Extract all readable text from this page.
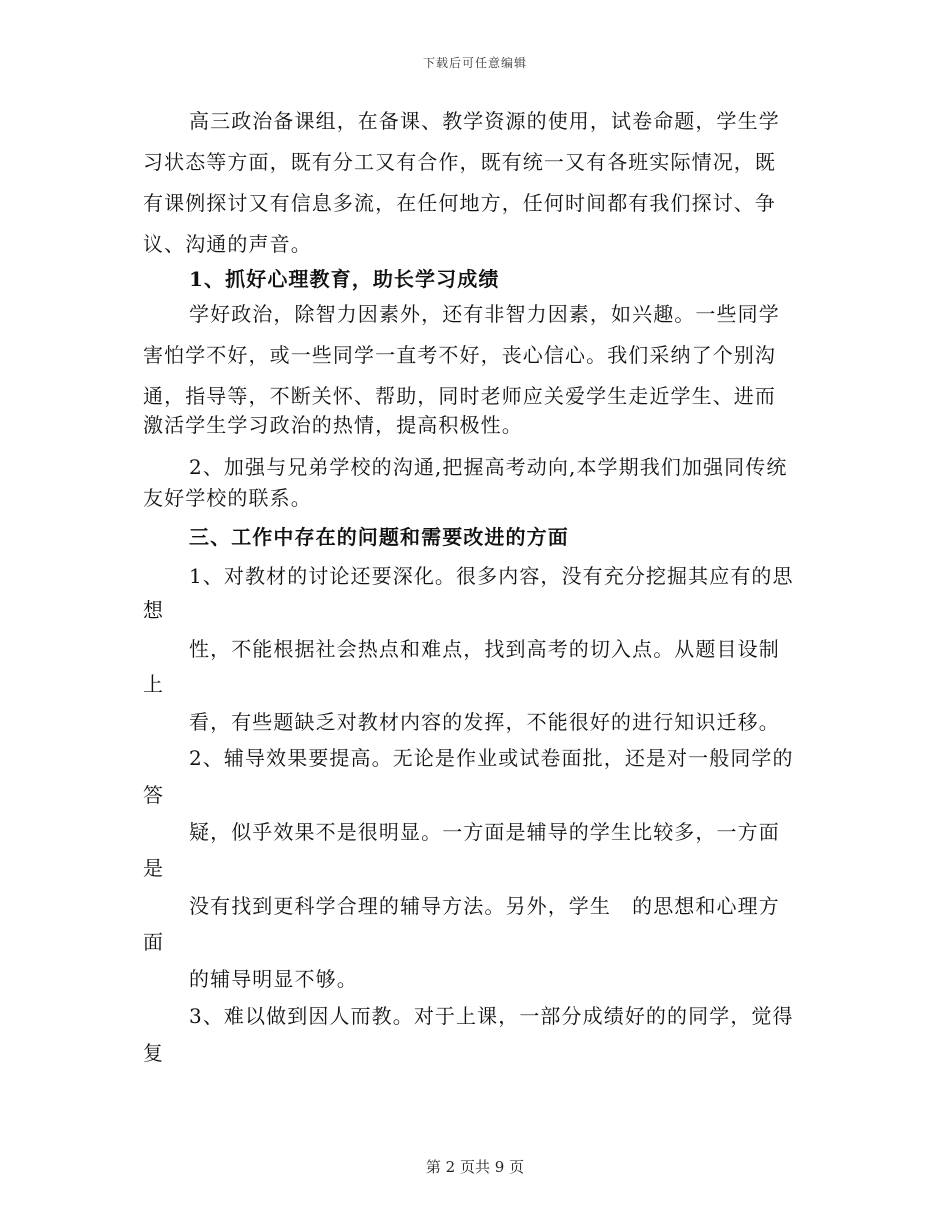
下载后可任意编辑
高三政治备课组，在备课、教学资源的使用，试卷命题，学生学
习状态等方面，既有分工又有合作，既有统一又有各班实际情况，既
有课例探讨又有信息多流，在任何地方，任何时间都有我们探讨、争
议、沟通的声音。
1、抓好心理教育，助长学习成绩
学好政治，除智力因素外，还有非智力因素，如兴趣。一些同学
害怕学不好，或一些同学一直考不好，丧心信心。我们采纳了个别沟
通，指导等，不断关怀、帮助，同时老师应关爱学生走近学生、进而
激活学生学习政治的热情，提高积极性。
2、加强与兄弟学校的沟通,把握高考动向,本学期我们加强同传统
友好学校的联系。
三、工作中存在的问题和需要改进的方面
1、对教材的讨论还要深化。很多内容，没有充分挖掘其应有的思
想
性，不能根据社会热点和难点，找到高考的切入点。从题目设制
上
看，有些题缺乏对教材内容的发挥，不能很好的进行知识迁移。
2、辅导效果要提高。无论是作业或试卷面批，还是对一般同学的
答
疑，似乎效果不是很明显。一方面是辅导的学生比较多，一方面
是
没有找到更科学合理的辅导方法。另外，学生　的思想和心理方
面
的辅导明显不够。
3、难以做到因人而教。对于上课，一部分成绩好的的同学，觉得
复
第 2 页共 9 页
